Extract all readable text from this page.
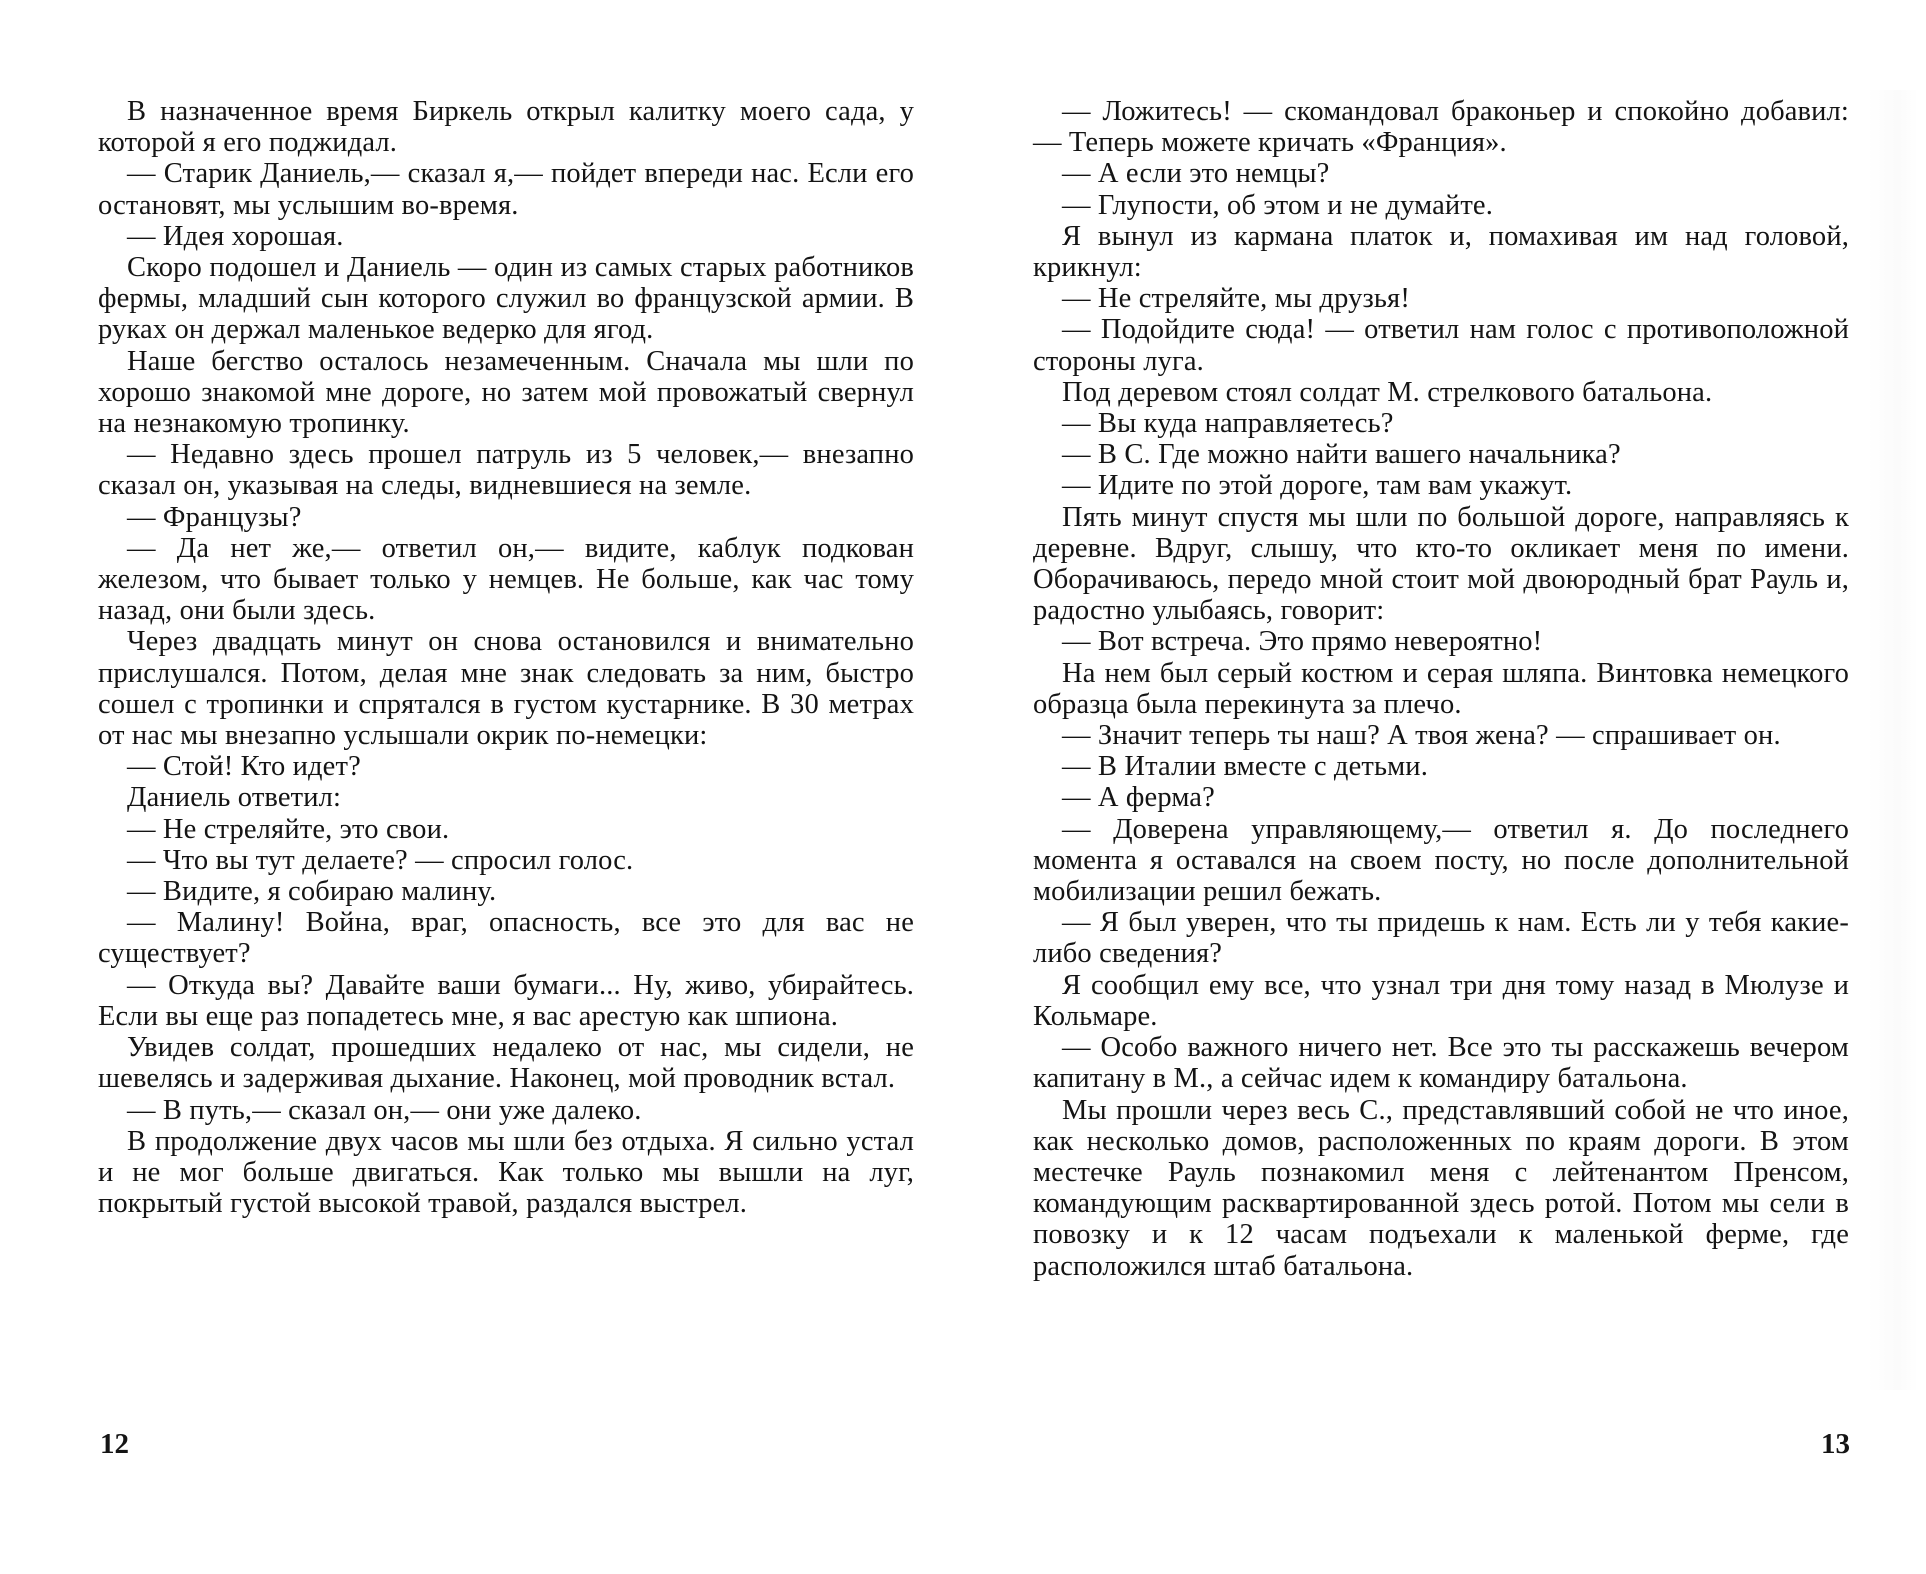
В назначенное время Биркель открыл калитку моего сада, у которой я его поджидал.

— Старик Даниель,— сказал я,— пойдет впереди нас. Если его остановят, мы услышим во-время.

— Идея хорошая.

Скоро подошел и Даниель — один из самых старых работников фермы, младший сын которого служил во французской армии. В руках он держал маленькое ведерко для ягод.

Наше бегство осталось незамеченным. Сначала мы шли по хорошо знакомой мне дороге, но затем мой провожатый свернул на незнакомую тропинку.

— Недавно здесь прошел патруль из 5 человек,— внезапно сказал он, указывая на следы, видневшиеся на земле.

— Французы?

— Да нет же,— ответил он,— видите, каблук подкован железом, что бывает только у немцев. Не больше, как час тому назад, они были здесь.

Через двадцать минут он снова остановился и внимательно прислушался. Потом, делая мне знак следовать за ним, быстро сошел с тропинки и спрятался в густом кустарнике. В 30 метрах от нас мы внезапно услышали окрик по-немецки:

— Стой! Кто идет?

Даниель ответил:

— Не стреляйте, это свои.

— Что вы тут делаете? — спросил голос.

— Видите, я собираю малину.

— Малину! Война, враг, опасность, все это для вас не существует?

— Откуда вы? Давайте ваши бумаги... Ну, живо, убирайтесь. Если вы еще раз попадетесь мне, я вас арестую как шпиона.

Увидев солдат, прошедших недалеко от нас, мы сидели, не шевелясь и задерживая дыхание. Наконец, мой проводник встал.

— В путь,— сказал он,— они уже далеко.

В продолжение двух часов мы шли без отдыха. Я сильно устал и не мог больше двигаться. Как только мы вышли на луг, покрытый густой высокой травой, раздался выстрел.

12

— Ложитесь! — скомандовал браконьер и спокойно добавил: — Теперь можете кричать «Франция».

— А если это немцы?

— Глупости, об этом и не думайте.

Я вынул из кармана платок и, помахивая им над головой, крикнул:

— Не стреляйте, мы друзья!

— Подойдите сюда! — ответил нам голос с противоположной стороны луга.

Под деревом стоял солдат М. стрелкового батальона.

— Вы куда направляетесь?

— В С. Где можно найти вашего начальника?

— Идите по этой дороге, там вам укажут.

Пять минут спустя мы шли по большой дороге, направляясь к деревне. Вдруг, слышу, что кто-то окликает меня по имени. Оборачиваюсь, передо мной стоит мой двоюродный брат Рауль и, радостно улыбаясь, говорит:

— Вот встреча. Это прямо невероятно!

На нем был серый костюм и серая шляпа. Винтовка немецкого образца была перекинута за плечо.

— Значит теперь ты наш? А твоя жена? — спрашивает он.

— В Италии вместе с детьми.

— А ферма?

— Доверена управляющему,— ответил я. До последнего момента я оставался на своем посту, но после дополнительной мобилизации решил бежать.

— Я был уверен, что ты придешь к нам. Есть ли у тебя какие-либо сведения?

Я сообщил ему все, что узнал три дня тому назад в Мюлузе и Кольмаре.

— Особо важного ничего нет. Все это ты расскажешь вечером капитану в М., а сейчас идем к командиру батальона.

Мы прошли через весь С., представлявший собой не что иное, как несколько домов, расположенных по краям дороги. В этом местечке Рауль познакомил меня с лейтенантом Пренсом, командующим расквартированной здесь ротой. Потом мы сели в повозку и к 12 часам подъехали к маленькой ферме, где расположился штаб батальона.

13
